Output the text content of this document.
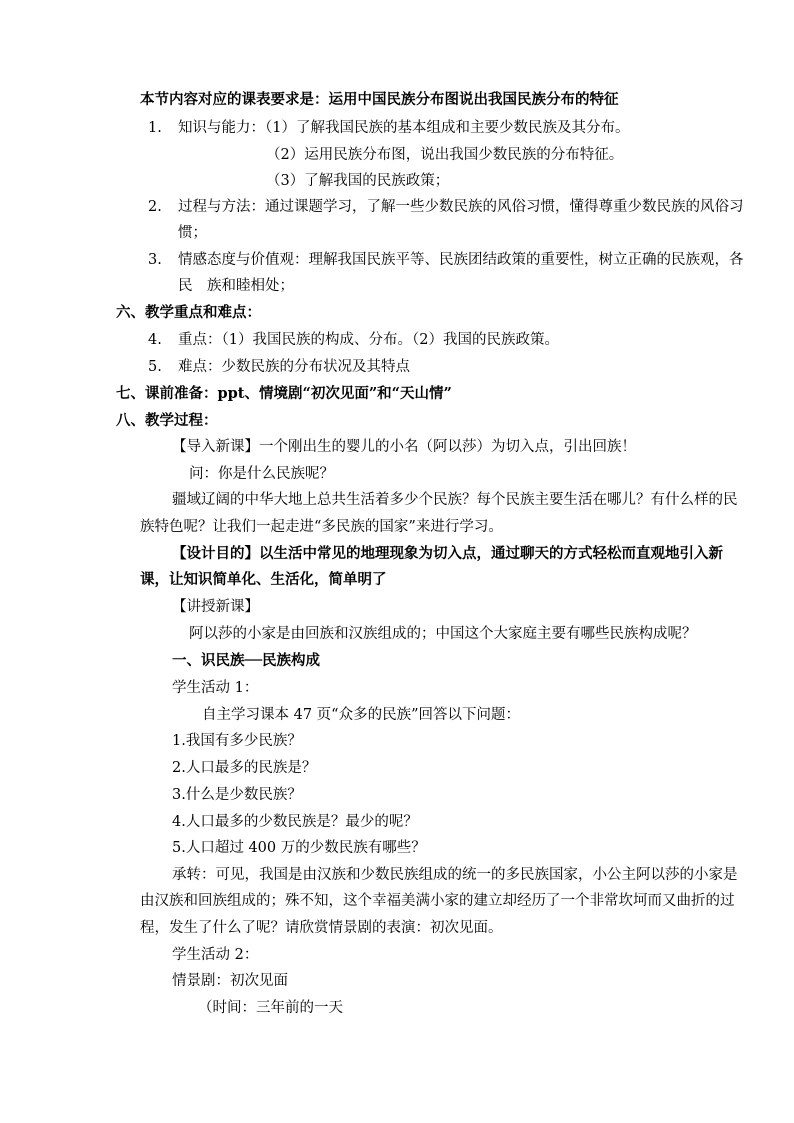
本节内容对应的课表要求是：运用中国民族分布图说出我国民族分布的特征
1. 知识与能力：（1）了解我国民族的基本组成和主要少数民族及其分布。
（2）运用民族分布图，说出我国少数民族的分布特征。
（3）了解我国的民族政策；
2. 过程与方法：通过课题学习，了解一些少数民族的风俗习惯，懂得尊重少数民族的风俗习
惯；
3. 情感态度与价值观：理解我国民族平等、民族团结政策的重要性，树立正确的民族观，各
民　族和睦相处；
六、教学重点和难点：
4. 重点：（1）我国民族的构成、分布。（2）我国的民族政策。
5. 难点：少数民族的分布状况及其特点
七、课前准备：ppt、情境剧“初次见面”和“天山情”
八、教学过程：
【导入新课】一个刚出生的婴儿的小名（阿以莎）为切入点，引出回族！
问：你是什么民族呢？
疆域辽阔的中华大地上总共生活着多少个民族？每个民族主要生活在哪儿？有什么样的民
族特色呢？让我们一起走进“多民族的国家”来进行学习。
【设计目的】以生活中常见的地理现象为切入点，通过聊天的方式轻松而直观地引入新
课，让知识简单化、生活化，简单明了
【讲授新课】
阿以莎的小家是由回族和汉族组成的；中国这个大家庭主要有哪些民族构成呢？
一、识民族──民族构成
学生活动 1：
自主学习课本 47 页“众多的民族”回答以下问题：
1.我国有多少民族？
2.人口最多的民族是？
3.什么是少数民族？
4.人口最多的少数民族是？最少的呢？
5.人口超过 400 万的少数民族有哪些？
承转：可见，我国是由汉族和少数民族组成的统一的多民族国家，小公主阿以莎的小家是
由汉族和回族组成的；殊不知，这个幸福美满小家的建立却经历了一个非常坎坷而又曲折的过
程，发生了什么了呢？请欣赏情景剧的表演：初次见面。
学生活动 2：
情景剧：初次见面
（时间：三年前的一天
